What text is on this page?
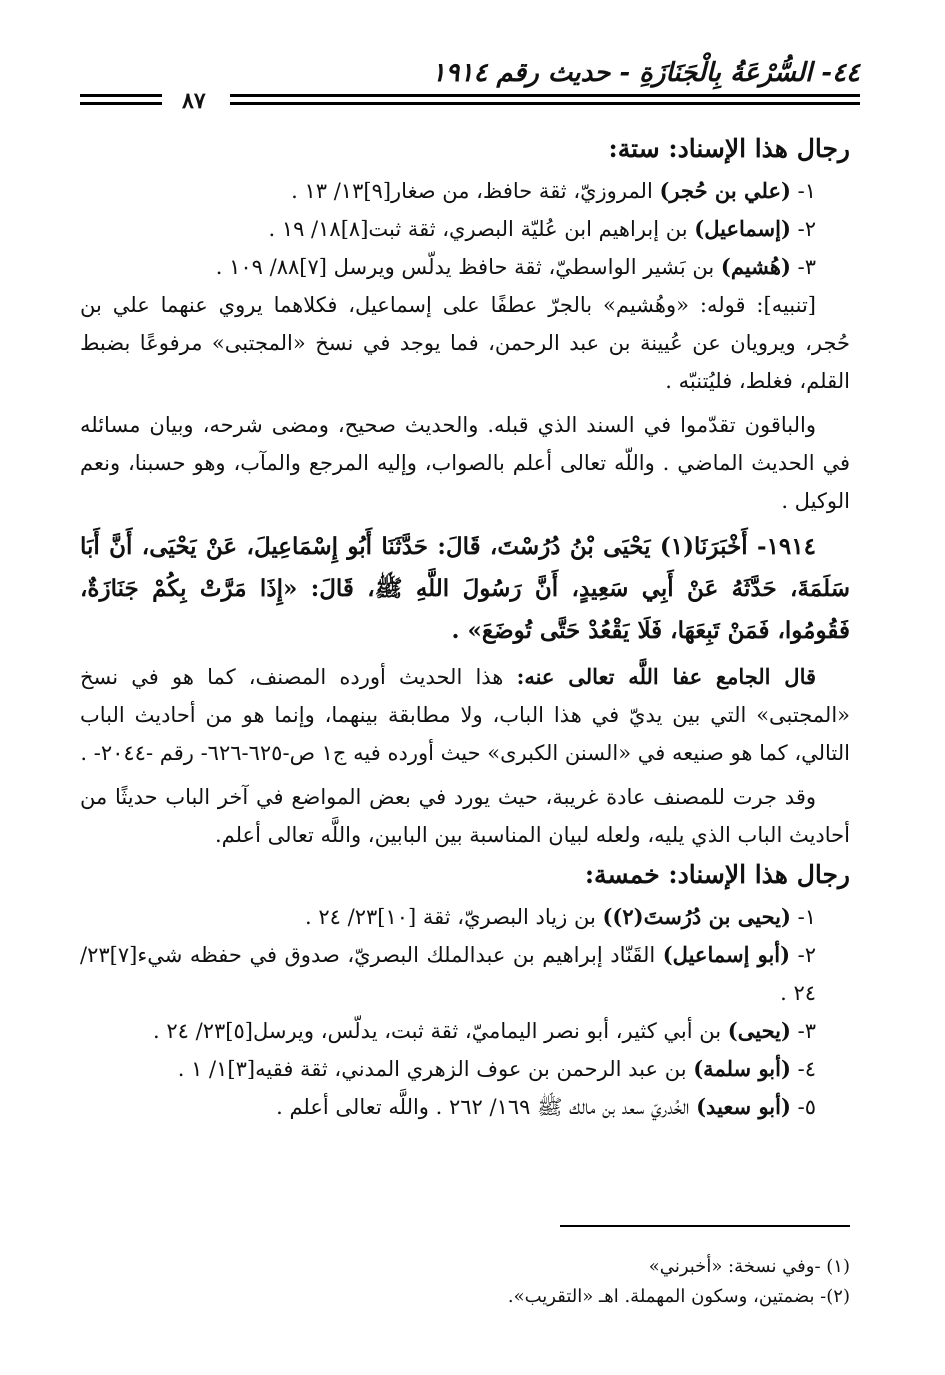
٤٤- السُّرْعَةُ بِالْجَنَازَةِ - حديث رقم ١٩١٤
٨٧

رجال هذا الإسناد: ستة:

١- (علي بن حُجر) المروزيّ، ثقة حافظ، من صغار[٩]١٣/ ١٣ .

٢- (إسماعيل) بن إبراهيم ابن عُليّة البصري، ثقة ثبت[٨]١٨/ ١٩ .

٣- (هُشيم) بن بَشير الواسطيّ، ثقة حافظ يدلّس ويرسل [٧]٨٨/ ١٠٩ .

[تنبيه]: قوله: «وهُشيم» بالجرّ عطفًا على إسماعيل، فكلاهما يروي عنهما علي بن حُجر، ويرويان عن عُيينة بن عبد الرحمن، فما يوجد في نسخ «المجتبى» مرفوعًا بضبط القلم، فغلط، فليُتنبّه .

والباقون تقدّموا في السند الذي قبله. والحديث صحيح، ومضى شرحه، وبيان مسائله في الحديث الماضي . واللّه تعالى أعلم بالصواب، وإليه المرجع والمآب، وهو حسبنا، ونعم الوكيل .

١٩١٤- أَخْبَرَنَا(١) يَحْيَى بْنُ دُرُسْتَ، قَالَ: حَدَّثَنَا أَبُو إِسْمَاعِيلَ، عَنْ يَحْيَى، أَنَّ أَبَا سَلَمَةَ، حَدَّثَهُ عَنْ أَبِي سَعِيدٍ، أَنَّ رَسُولَ اللَّهِ ﷺ، قَالَ: «إِذَا مَرَّتْ بِكُمْ جَنَازَةٌ، فَقُومُوا، فَمَنْ تَبِعَهَا، فَلَا يَقْعُدْ حَتَّى تُوضَعَ» .

قال الجامع عفا اللَّه تعالى عنه: هذا الحديث أورده المصنف، كما هو في نسخ «المجتبى» التي بين يديّ في هذا الباب، ولا مطابقة بينهما، وإنما هو من أحاديث الباب التالي، كما هو صنيعه في «السنن الكبرى» حيث أورده فيه ج١ ص-٦٢٥-٦٢٦- رقم -٢٠٤٤- .

وقد جرت للمصنف عادة غريبة، حيث يورد في بعض المواضع في آخر الباب حديثًا من أحاديث الباب الذي يليه، ولعله لبيان المناسبة بين البابين، واللَّه تعالى أعلم.

رجال هذا الإسناد: خمسة:

١- (يحيى بن دُرُستَ(٢)) بن زياد البصريّ، ثقة [١٠]٢٣/ ٢٤ .

٢- (أبو إسماعيل) القَنّاد إبراهيم بن عبدالملك البصريّ، صدوق في حفظه شيء[٧]٢٣/ ٢٤ .

٣- (يحيى) بن أبي كثير، أبو نصر اليماميّ، ثقة ثبت، يدلّس، ويرسل[٥]٢٣/ ٢٤ .

٤- (أبو سلمة) بن عبد الرحمن بن عوف الزهري المدني، ثقة فقيه[٣]١/ ١ .

٥- (أبو سعيد) الخُدريّ سعد بن مالك ﷺ ١٦٩/ ٢٦٢ . واللَّه تعالى أعلم .

(١) -وفي نسخة: «أخبرني»

(٢)- بضمتين، وسكون المهملة. اهـ «التقريب».
